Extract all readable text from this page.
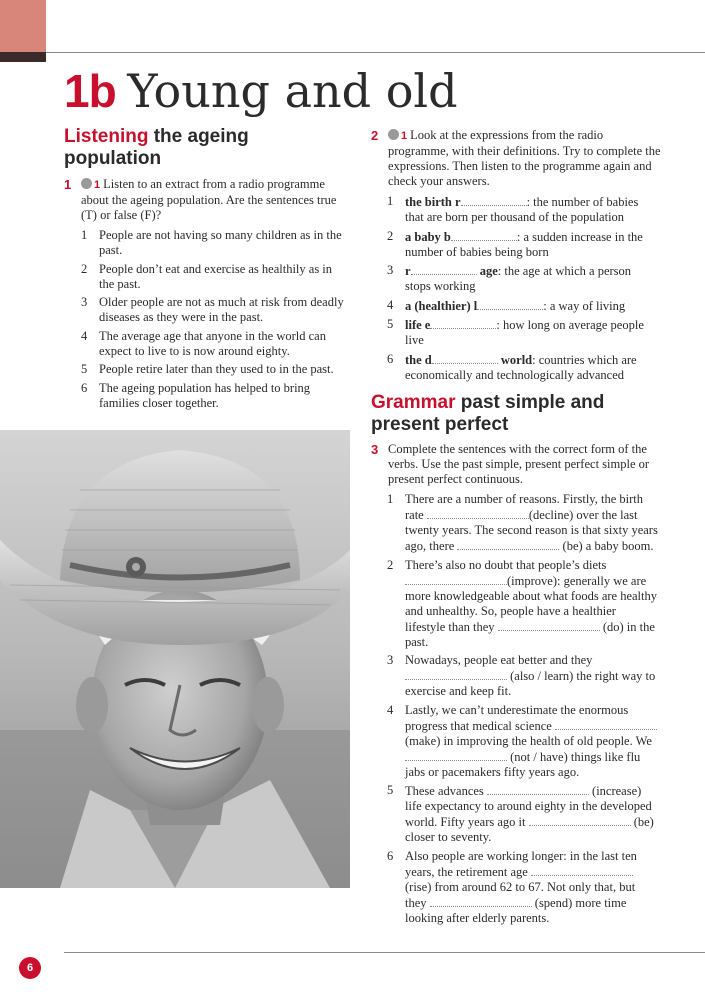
1b Young and old
Listening the ageing
population
1	1 Listen to an extract from a radio programme about the ageing population. Are the sentences true (T) or false (F)?
1 People are not having so many children as in the past.
2 People don’t eat and exercise as healthily as in the past.
3 Older people are not as much at risk from deadly diseases as they were in the past.
4 The average age that anyone in the world can expect to live to is now around eighty.
5 People retire later than they used to in the past.
6 The ageing population has helped to bring families closer together.
2	1 Look at the expressions from the radio programme, with their definitions. Try to complete the expressions. Then listen to the programme again and check your answers.
1 the birth r	: the number of babies that are born per thousand of the population
2 a baby b	: a sudden increase in the number of babies being born
3 r	age: the age at which a person stops working
4 a (healthier) l	: a way of living
5 life e	: how long on average people live
6 the d	world: countries which are economically and technologically advanced
Grammar past simple and
present perfect
3 Complete the sentences with the correct form of the verbs. Use the past simple, present perfect simple or present perfect continuous.
1 There are a number of reasons. Firstly, the birth rate	(decline) over the last twenty years. The second reason is that sixty years ago, there	(be) a baby boom.
2 There’s also no doubt that people’s diets (improve): generally we are more knowledgeable about what foods are healthy and unhealthy. So, people have a healthier lifestyle than they	(do) in the past.
3 Nowadays, people eat better and they  (also / learn) the right way to exercise and keep fit.
4 Lastly, we can’t underestimate the enormous progress that medical science  (make) in improving the health of old people. We  (not / have) things like flu jabs or pacemakers fifty years ago.
5 These advances	(increase) life expectancy to around eighty in the developed world. Fifty years ago it	(be) closer to seventy.
6 Also people are working longer: in the last ten years, the retirement age  (rise) from around 62 to 67. Not only that, but they	(spend) more time looking after elderly parents.
6
